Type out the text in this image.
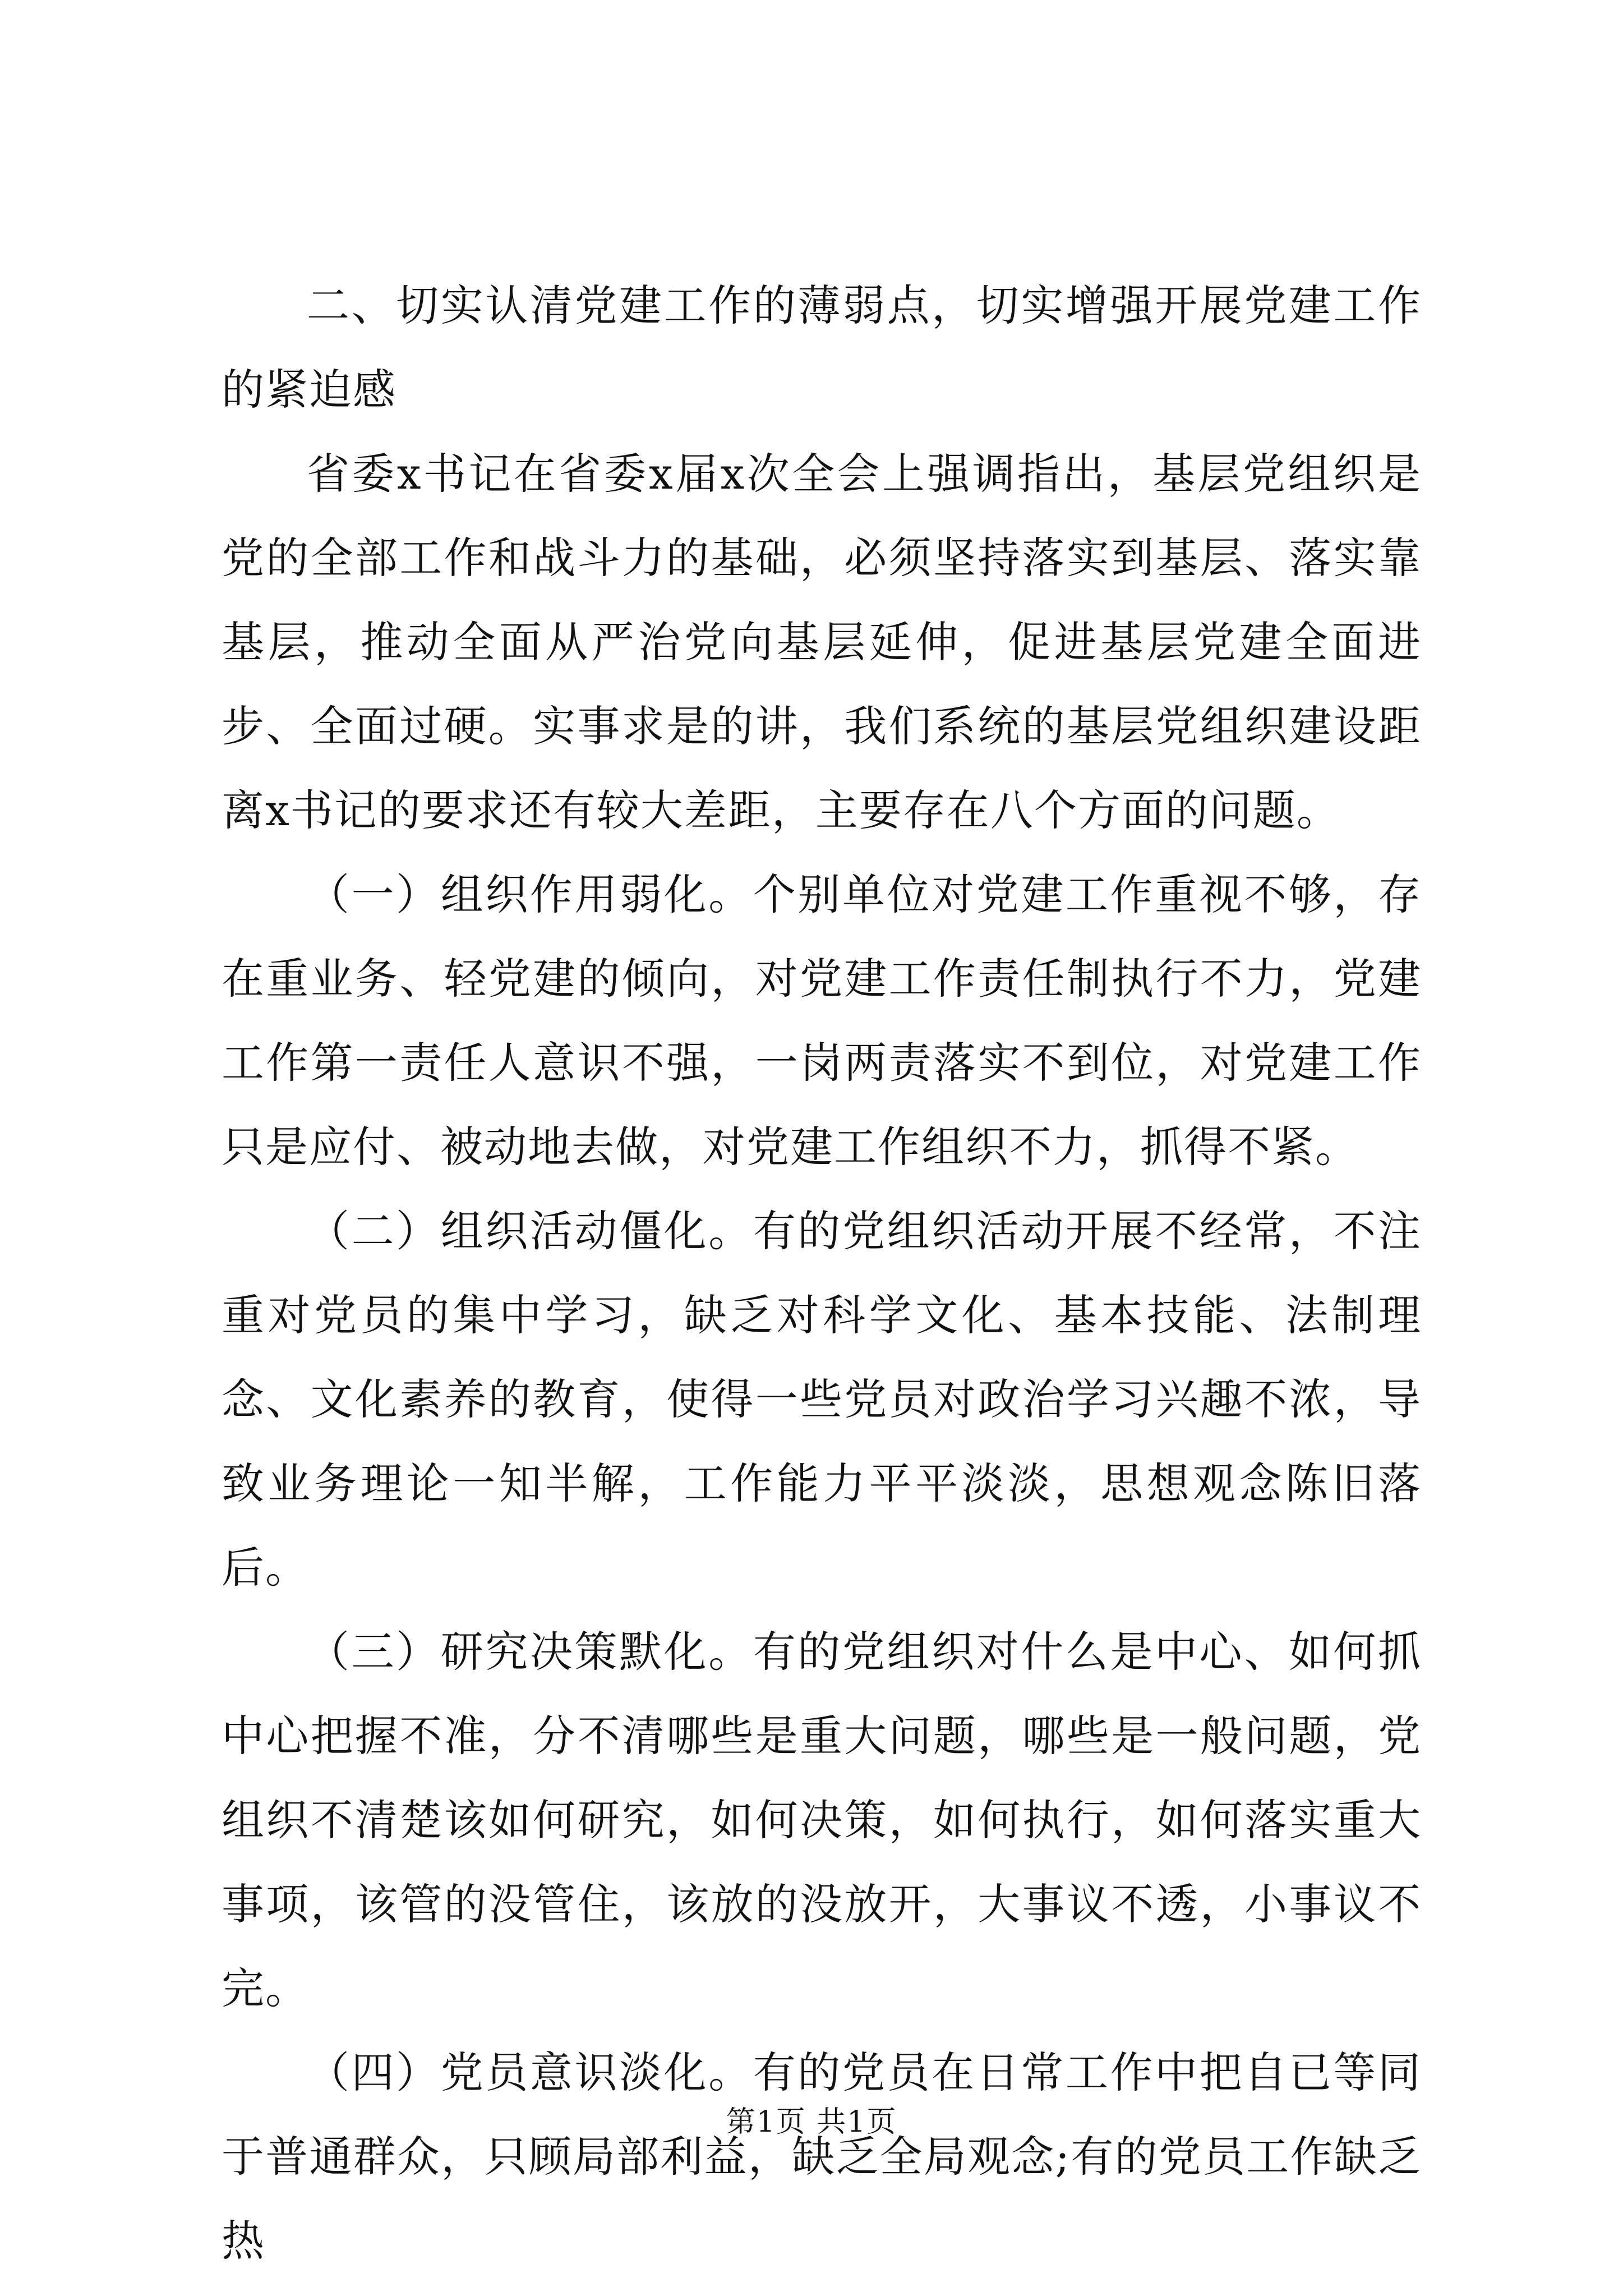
二、切实认清党建工作的薄弱点，切实增强开展党建工作的紧迫感

省委x书记在省委x届x次全会上强调指出，基层党组织是党的全部工作和战斗力的基础，必须坚持落实到基层、落实靠基层，推动全面从严治党向基层延伸，促进基层党建全面进步、全面过硬。实事求是的讲，我们系统的基层党组织建设距离x书记的要求还有较大差距，主要存在八个方面的问题。

（一）组织作用弱化。个别单位对党建工作重视不够，存在重业务、轻党建的倾向，对党建工作责任制执行不力，党建工作第一责任人意识不强，一岗两责落实不到位，对党建工作只是应付、被动地去做，对党建工作组织不力，抓得不紧。

（二）组织活动僵化。有的党组织活动开展不经常，不注重对党员的集中学习，缺乏对科学文化、基本技能、法制理念、文化素养的教育，使得一些党员对政治学习兴趣不浓，导致业务理论一知半解，工作能力平平淡淡，思想观念陈旧落后。

（三）研究决策默化。有的党组织对什么是中心、如何抓中心把握不准，分不清哪些是重大问题，哪些是一般问题，党组织不清楚该如何研究，如何决策，如何执行，如何落实重大事项，该管的没管住，该放的没放开，大事议不透，小事议不完。

（四）党员意识淡化。有的党员在日常工作中把自已等同于普通群众，只顾局部利益，缺乏全局观念;有的党员工作缺乏热

第1页 共1页
